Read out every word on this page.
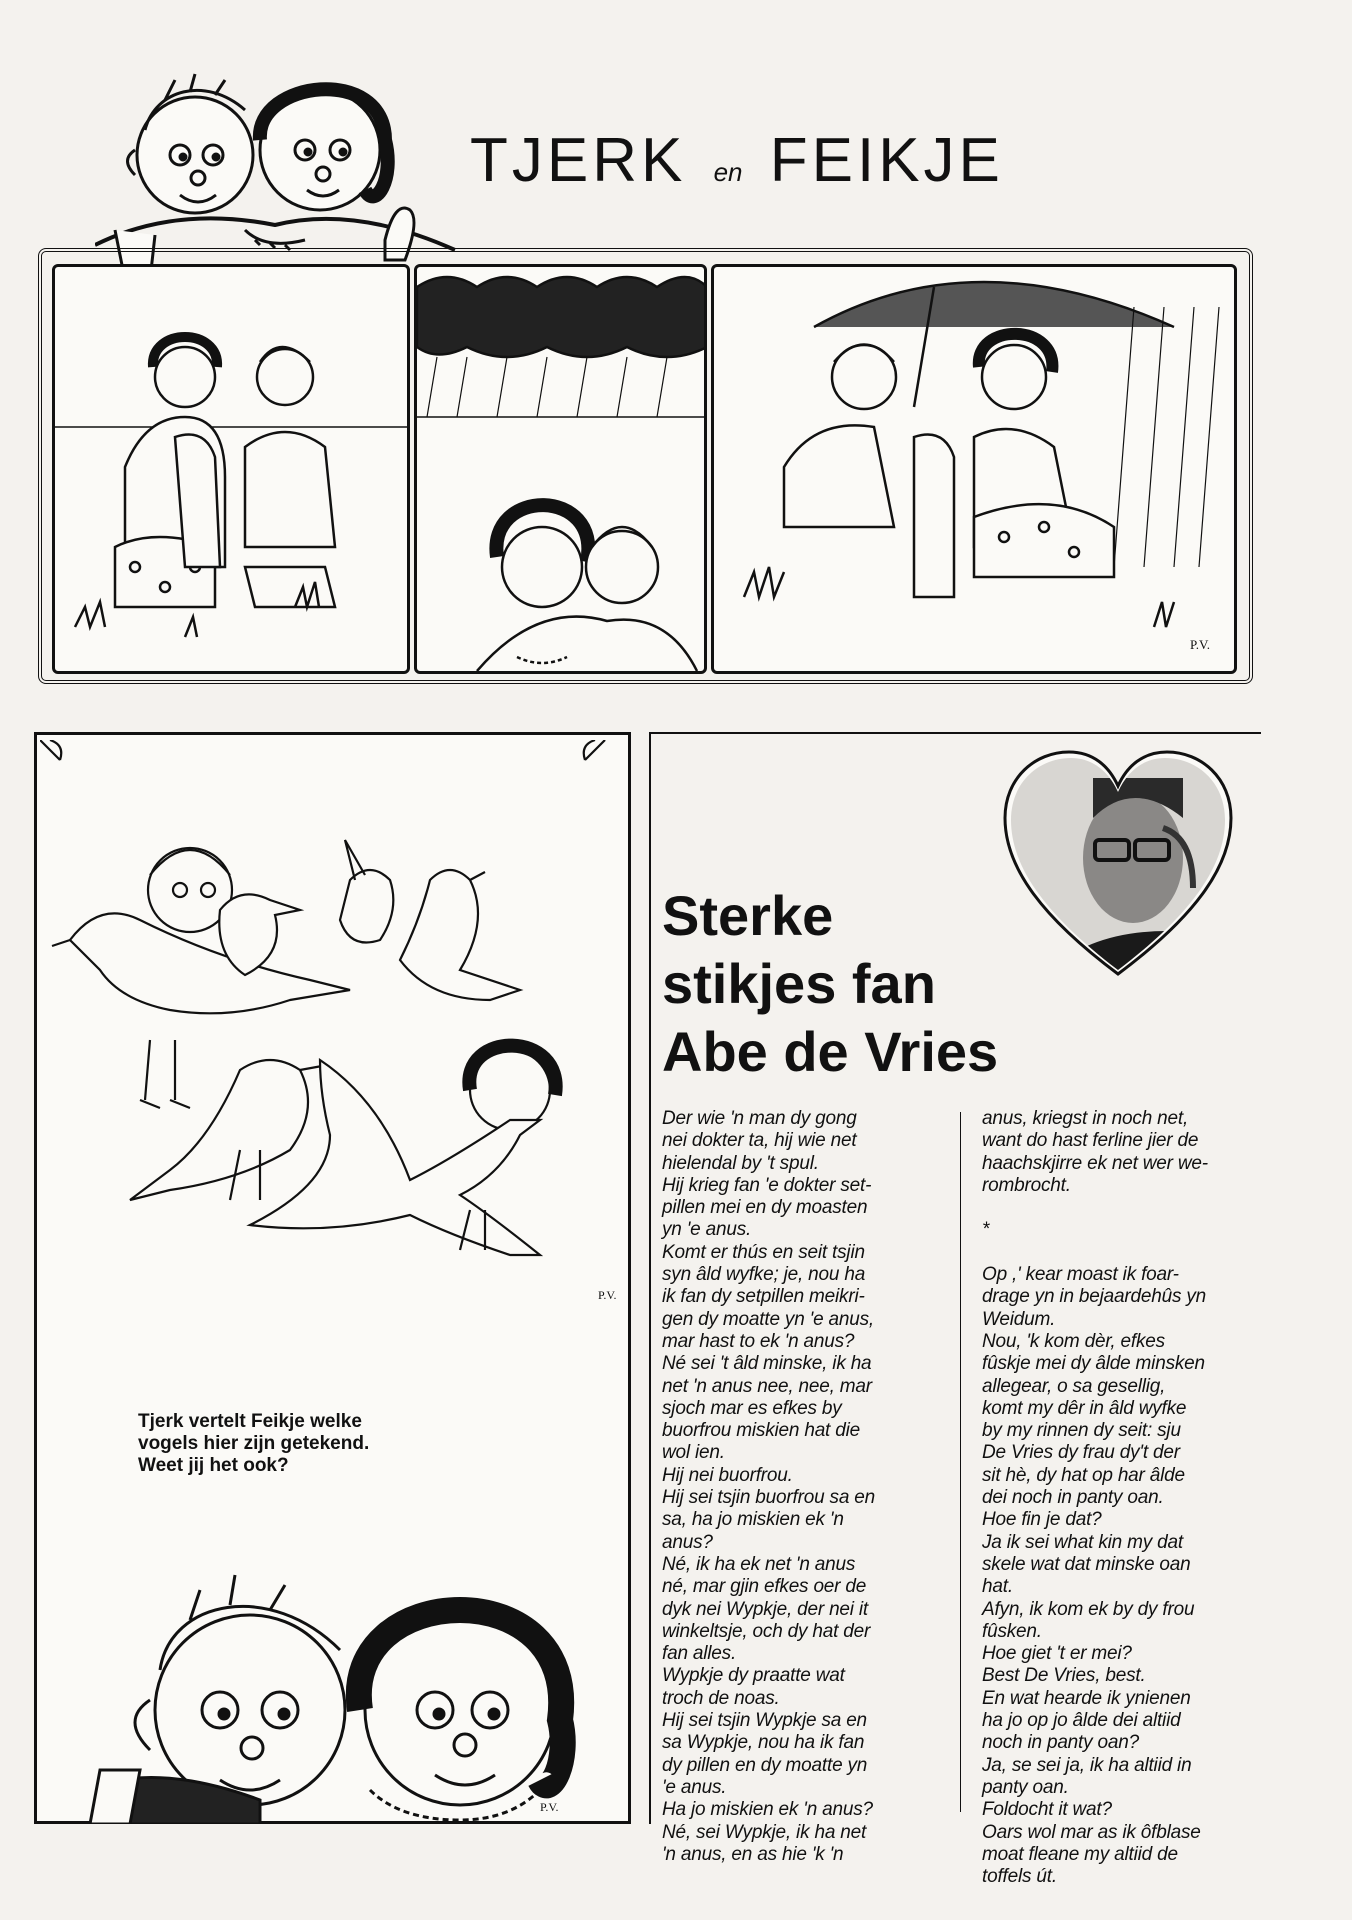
TJERK en FEIKJE
P.V.
P.V.
Tjerk vertelt Feikje welke vogels hier zijn getekend. Weet jij het ook?
P.V.
Sterke
stikjes fan
Abe de Vries
Der wie 'n man dy gong
nei dokter ta, hij wie net
hielendal by 't spul.
Hij krieg fan 'e dokter set-
pillen mei en dy moasten
yn 'e anus.
Komt er thús en seit tsjin
syn âld wyfke; je, nou ha
ik fan dy setpillen meikri-
gen dy moatte yn 'e anus,
mar hast to ek 'n anus?
Né sei 't âld minske, ik ha
net 'n anus nee, nee, mar
sjoch mar es efkes by
buorfrou miskien hat die
wol ien.
Hij nei buorfrou.
Hij sei tsjin buorfrou sa en
sa, ha jo miskien ek 'n
anus?
Né, ik ha ek net 'n anus
né, mar gjin efkes oer de
dyk nei Wypkje, der nei it
winkeltsje, och dy hat der
fan alles.
Wypkje dy praatte wat
troch de noas.
Hij sei tsjin Wypkje sa en
sa Wypkje, nou ha ik fan
dy pillen en dy moatte yn
'e anus.
Ha jo miskien ek 'n anus?
Né, sei Wypkje, ik ha net
'n anus, en as hie 'k 'n
anus, kriegst in noch net,
want do hast ferline jier de
haachskjirre ek net wer we-
rombrocht.

*

Op ,' kear moast ik foar-
drage yn in bejaardehûs yn
Weidum.
Nou, 'k kom dèr, efkes
fûskje mei dy âlde minsken
allegear, o sa gesellig,
komt my dêr in âld wyfke
by my rinnen dy seit: sju
De Vries dy frau dy't der
sit hè, dy hat op har âlde
dei noch in panty oan.
Hoe fin je dat?
Ja ik sei what kin my dat
skele wat dat minske oan
hat.
Afyn, ik kom ek by dy frou
fûsken.
Hoe giet 't er mei?
Best De Vries, best.
En wat hearde ik ynienen
ha jo op jo âlde dei altiid
noch in panty oan?
Ja, se sei ja, ik ha altiid in
panty oan.
Foldocht it wat?
Oars wol mar as ik ôfblase
moat fleane my altiid de
toffels út.
